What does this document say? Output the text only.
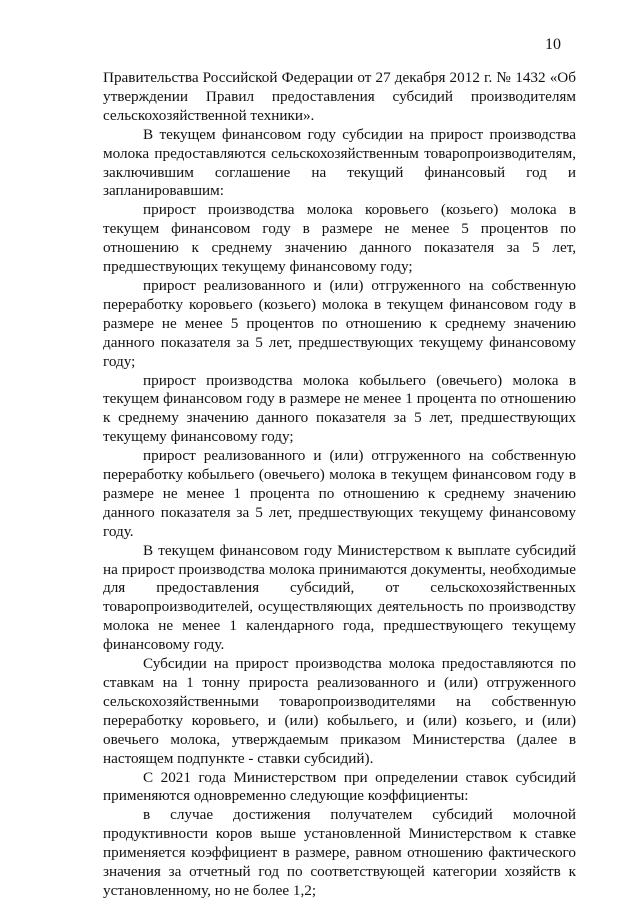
10

Правительства Российской Федерации от 27 декабря 2012 г. № 1432 «Об утверждении Правил предоставления субсидий производителям сельскохозяйственной техники».

В текущем финансовом году субсидии на прирост производства молока предоставляются сельскохозяйственным товаропроизводителям, заключившим соглашение на текущий финансовый год и запланировавшим:

прирост производства молока коровьего (козьего) молока в текущем финансовом году в размере не менее 5 процентов по отношению к среднему значению данного показателя за 5 лет, предшествующих текущему финансовому году;

прирост реализованного и (или) отгруженного на собственную переработку коровьего (козьего) молока в текущем финансовом году в размере не менее 5 процентов по отношению к среднему значению данного показателя за 5 лет, предшествующих текущему финансовому году;

прирост производства молока кобыльего (овечьего) молока в текущем финансовом году в размере не менее 1 процента по отношению к среднему значению данного показателя за 5 лет, предшествующих текущему финансовому году;

прирост реализованного и (или) отгруженного на собственную переработку кобыльего (овечьего) молока в текущем финансовом году в размере не менее 1 процента по отношению к среднему значению данного показателя за 5 лет, предшествующих текущему финансовому году.

В текущем финансовом году Министерством к выплате субсидий на прирост производства молока принимаются документы, необходимые для предоставления субсидий, от сельскохозяйственных товаропроизводителей, осуществляющих деятельность по производству молока не менее 1 календарного года, предшествующего текущему финансовому году.

Субсидии на прирост производства молока предоставляются по ставкам на 1 тонну прироста реализованного и (или) отгруженного сельскохозяйственными товаропроизводителями на собственную переработку коровьего, и (или) кобыльего, и (или) козьего, и (или) овечьего молока, утверждаемым приказом Министерства (далее в настоящем подпункте - ставки субсидий).

С 2021 года Министерством при определении ставок субсидий применяются одновременно следующие коэффициенты:

в случае достижения получателем субсидий молочной продуктивности коров выше установленной Министерством к ставке применяется коэффициент в размере, равном отношению фактического значения за отчетный год по соответствующей категории хозяйств к установленному, но не более 1,2;
